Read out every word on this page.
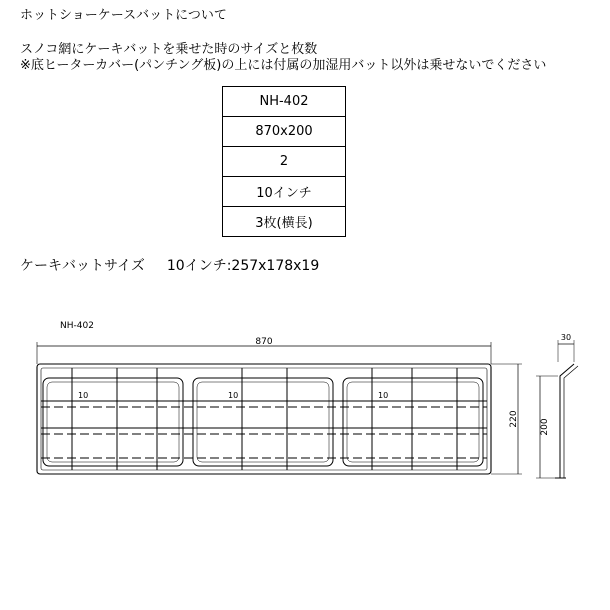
ホットショーケースバットについて
スノコ網にケーキバットを乗せた時のサイズと枚数
※底ヒーターカバー(パンチング板)の上には付属の加湿用バット以外は乗せないでください
NH-402
870x200
2
10インチ
3枚(横長)
ケーキバットサイズ 10インチ:257x178x19
NH-402
870
10	10	10
220
30
200
